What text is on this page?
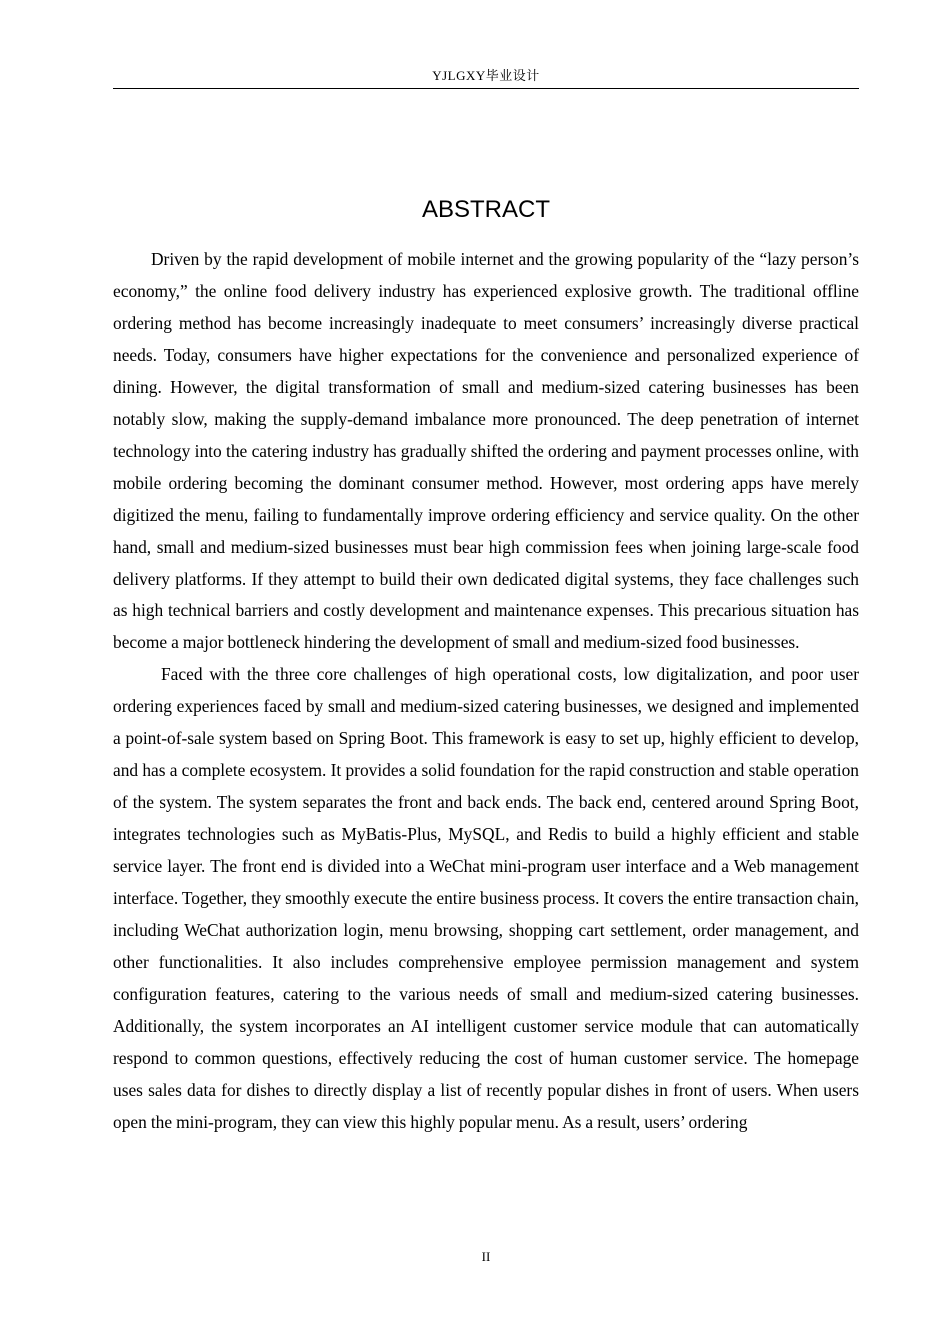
YJLGXY毕业设计
ABSTRACT

Driven by the rapid development of mobile internet and the growing popularity of the “lazy person’s economy,” the online food delivery industry has experienced explosive growth. The traditional offline ordering method has become increasingly inadequate to meet consumers’ increasingly diverse practical needs. Today, consumers have higher expectations for the convenience and personalized experience of dining. However, the digital transformation of small and medium-sized catering businesses has been notably slow, making the supply-demand imbalance more pronounced. The deep penetration of internet technology into the catering industry has gradually shifted the ordering and payment processes online, with mobile ordering becoming the dominant consumer method. However, most ordering apps have merely digitized the menu, failing to fundamentally improve ordering efficiency and service quality. On the other hand, small and medium-sized businesses must bear high commission fees when joining large-scale food delivery platforms. If they attempt to build their own dedicated digital systems, they face challenges such as high technical barriers and costly development and maintenance expenses. This precarious situation has become a major bottleneck hindering the development of small and medium-sized food businesses.

Faced with the three core challenges of high operational costs, low digitalization, and poor user ordering experiences faced by small and medium-sized catering businesses, we designed and implemented a point-of-sale system based on Spring Boot. This framework is easy to set up, highly efficient to develop, and has a complete ecosystem. It provides a solid foundation for the rapid construction and stable operation of the system. The system separates the front and back ends. The back end, centered around Spring Boot, integrates technologies such as MyBatis-Plus, MySQL, and Redis to build a highly efficient and stable service layer. The front end is divided into a WeChat mini-program user interface and a Web management interface. Together, they smoothly execute the entire business process. It covers the entire transaction chain, including WeChat authorization login, menu browsing, shopping cart settlement, order management, and other functionalities. It also includes comprehensive employee permission management and system configuration features, catering to the various needs of small and medium-sized catering businesses. Additionally, the system incorporates an AI intelligent customer service module that can automatically respond to common questions, effectively reducing the cost of human customer service. The homepage uses sales data for dishes to directly display a list of recently popular dishes in front of users. When users open the mini-program, they can view this highly popular menu. As a result, users’ ordering

II
